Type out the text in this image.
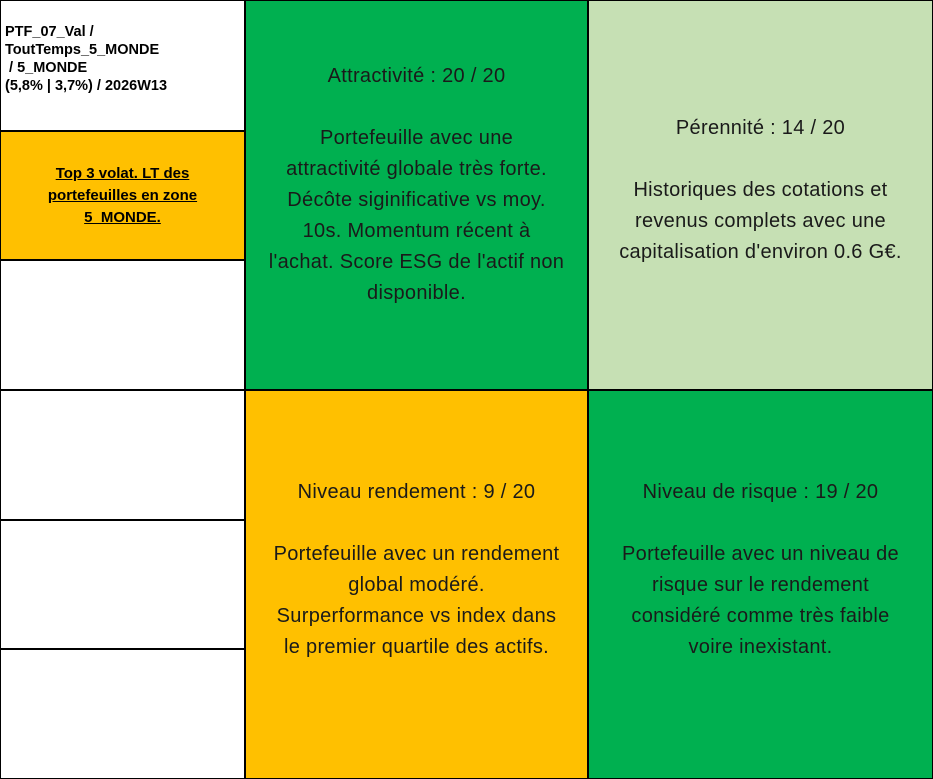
PTF_07_Val /
ToutTemps_5_MONDE
/ 5_MONDE
(5,8% | 3,7%) / 2026W13
Top 3 volat. LT des portefeuilles en zone 5_MONDE.
Attractivité : 20 / 20
Portefeuille avec une
attractivité globale très forte.
Décôte siginificative vs moy.
10s. Momentum récent à
l'achat. Score ESG de l'actif non
disponible.
Pérennité : 14 / 20
Historiques des cotations et
revenus complets avec une
capitalisation d'environ 0.6 G€.
Niveau rendement : 9 / 20
Portefeuille avec un rendement
global modéré.
Surperformance vs index dans
le premier quartile des actifs.
Niveau de risque : 19 / 20
Portefeuille avec un niveau de
risque sur le rendement
considéré comme très faible
voire inexistant.
